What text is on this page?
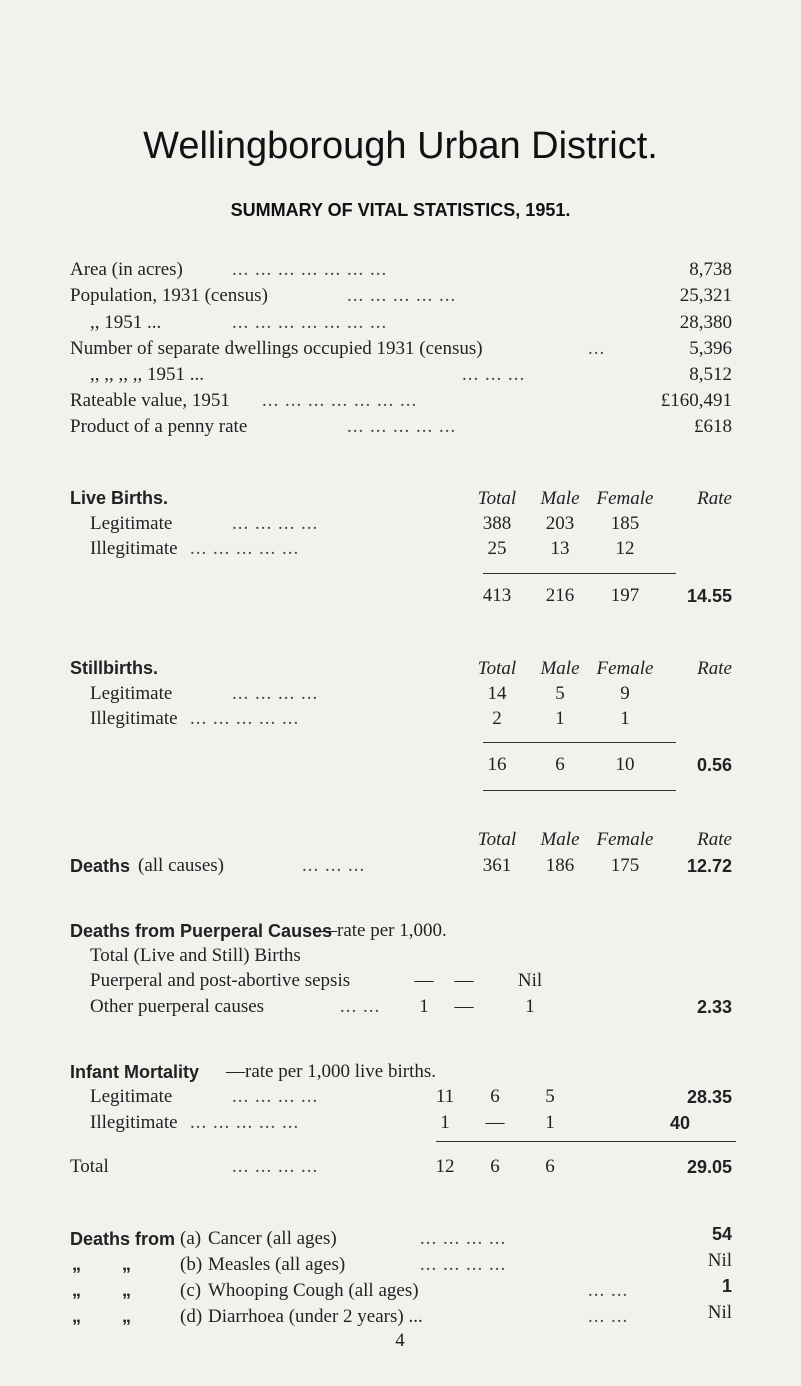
Wellingborough Urban District.
SUMMARY OF VITAL STATISTICS, 1951.
Area (in acres)	... ... ... ... ... ... ...	8,738
Population, 1931 (census)	... ... ... ... ...	25,321
,, 1951 ...	... ... ... ... ... ... ...	28,380
Number of separate dwellings occupied 1931 (census)	...	5,396
,, ,, ,, ,, 1951 ...	... ... ...	8,512
Rateable value, 1951 ... ... ... ... ... ... ...	£160,491
Product of a penny rate	... ... ... ... ...	£618
Live Births.	Total	Male Female	Rate
Legitimate	... ... ... ...	388	203	185
Illegitimate ... ... ... ... ...	25	13	12
413	216	197	14.55
Stillbirths.	Total	Male Female	Rate
Legitimate	... ... ... ...	14	5	9
Illegitimate ... ... ... ... ...	2	1	1
16	6	10	0.56
Total	Male Female	Rate
Deaths (all causes)	... ... ...	361	186	175	12.72
Deaths from Puerperal Causes
—rate per 1,000.
Total (Live and Still) Births
Puerperal and post-abortive sepsis	—	—	Nil
Other puerperal causes	... ...	1	—	1	2.33
Infant Mortality —rate per 1,000 live births.
Legitimate	... ... ... ...	11	6	5	28.35
Illegitimate ... ... ... ... ...	1	—	1	40
Total	... ... ... ...	12	6	6	29.05
Deaths from (a) Cancer (all ages)	... ... ... ...	54
„ „ (b) Measles (all ages)	... ... ... ...	Nil
„ „ (c) Whooping Cough (all ages)	... ...	1
„ „ (d) Diarrhoea (under 2 years) ...	... ...	Nil
4
